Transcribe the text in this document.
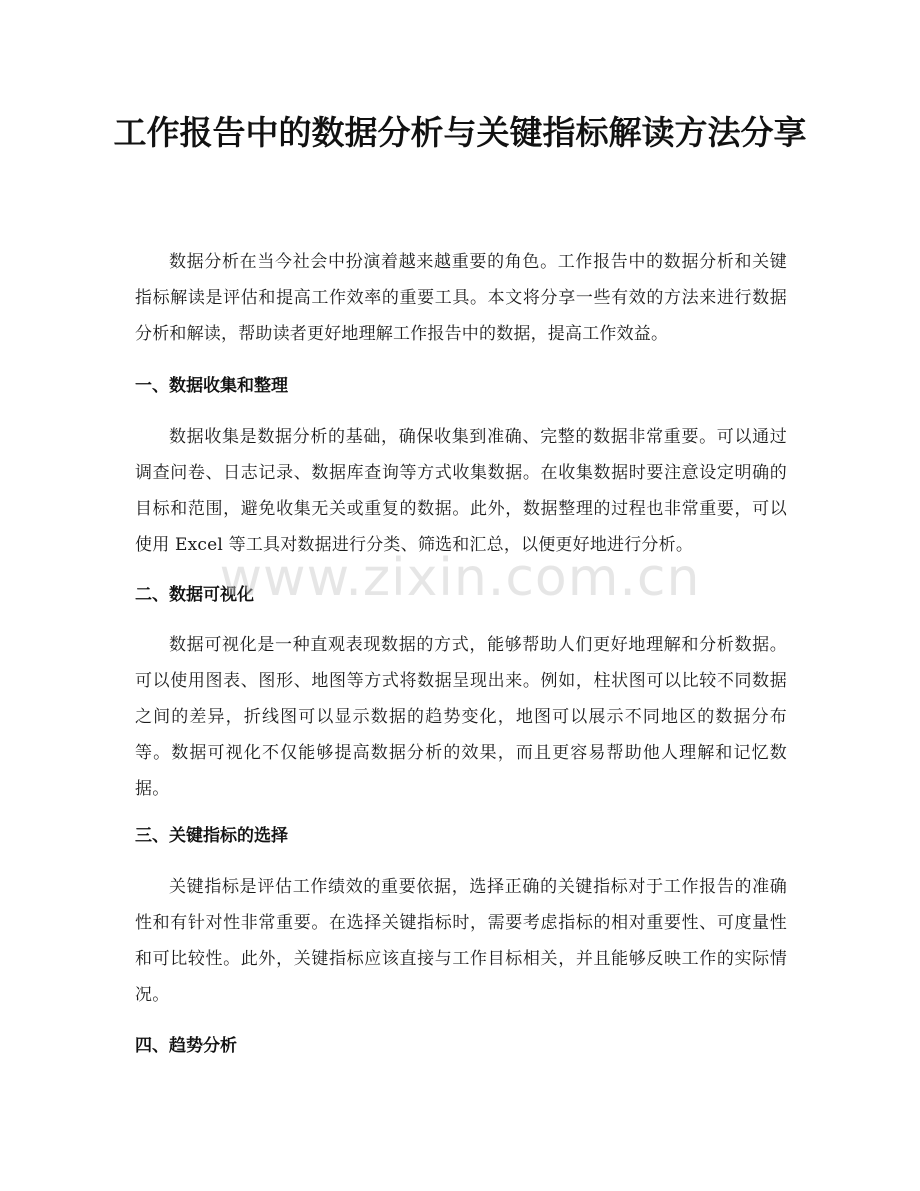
工作报告中的数据分析与关键指标解读方法分享

数据分析在当今社会中扮演着越来越重要的角色。工作报告中的数据分析和关键指标解读是评估和提高工作效率的重要工具。本文将分享一些有效的方法来进行数据分析和解读，帮助读者更好地理解工作报告中的数据，提高工作效益。

一、数据收集和整理

数据收集是数据分析的基础，确保收集到准确、完整的数据非常重要。可以通过调查问卷、日志记录、数据库查询等方式收集数据。在收集数据时要注意设定明确的目标和范围，避免收集无关或重复的数据。此外，数据整理的过程也非常重要，可以使用 Excel 等工具对数据进行分类、筛选和汇总，以便更好地进行分析。

二、数据可视化

数据可视化是一种直观表现数据的方式，能够帮助人们更好地理解和分析数据。可以使用图表、图形、地图等方式将数据呈现出来。例如，柱状图可以比较不同数据之间的差异，折线图可以显示数据的趋势变化，地图可以展示不同地区的数据分布等。数据可视化不仅能够提高数据分析的效果，而且更容易帮助他人理解和记忆数据。

三、关键指标的选择

关键指标是评估工作绩效的重要依据，选择正确的关键指标对于工作报告的准确性和有针对性非常重要。在选择关键指标时，需要考虑指标的相对重要性、可度量性和可比较性。此外，关键指标应该直接与工作目标相关，并且能够反映工作的实际情况。

四、趋势分析
www.zixin.com.cn
